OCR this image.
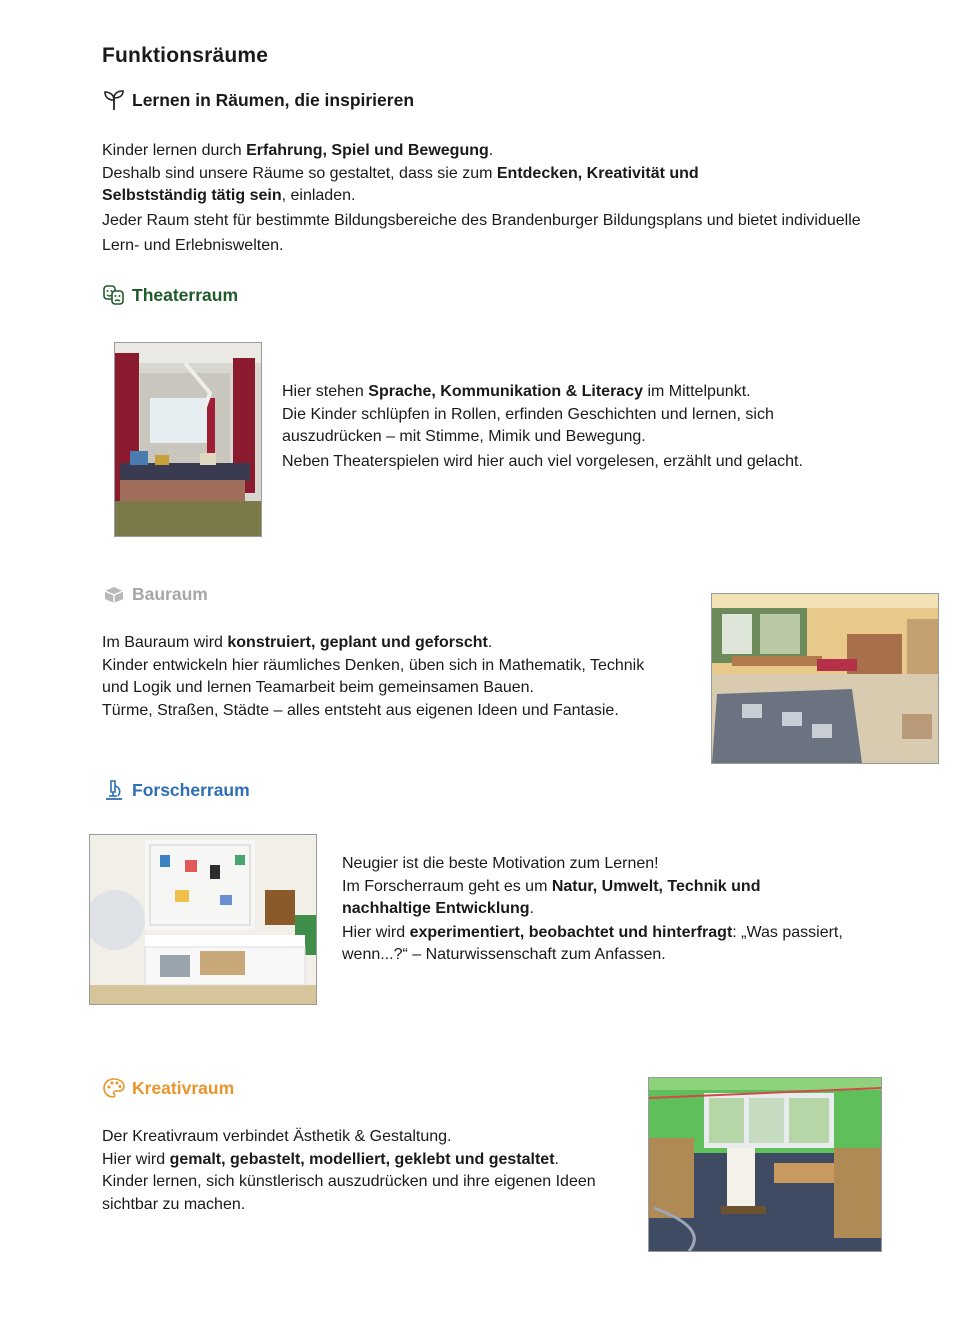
Funktionsräume
Lernen in Räumen, die inspirieren
Kinder lernen durch Erfahrung, Spiel und Bewegung.
Deshalb sind unsere Räume so gestaltet, dass sie zum Entdecken, Kreativität und Selbstständig tätig sein, einladen.
Jeder Raum steht für bestimmte Bildungsbereiche des Brandenburger Bildungsplans und bietet individuelle Lern- und Erlebniswelten.
Theaterraum
Hier stehen Sprache, Kommunikation & Literacy im Mittelpunkt.
Die Kinder schlüpfen in Rollen, erfinden Geschichten und lernen, sich auszudrücken – mit Stimme, Mimik und Bewegung.
Neben Theaterspielen wird hier auch viel vorgelesen, erzählt und gelacht.
Bauraum
Im Bauraum wird konstruiert, geplant und geforscht.
Kinder entwickeln hier räumliches Denken, üben sich in Mathematik, Technik und Logik und lernen Teamarbeit beim gemeinsamen Bauen.
Türme, Straßen, Städte – alles entsteht aus eigenen Ideen und Fantasie.
Forscherraum
Neugier ist die beste Motivation zum Lernen!
Im Forscherraum geht es um Natur, Umwelt, Technik und nachhaltige Entwicklung.
Hier wird experimentiert, beobachtet und hinterfragt: „Was passiert, wenn...?“ – Naturwissenschaft zum Anfassen.
Kreativraum
Der Kreativraum verbindet Ästhetik & Gestaltung.
Hier wird gemalt, gebastelt, modelliert, geklebt und gestaltet.
Kinder lernen, sich künstlerisch auszudrücken und ihre eigenen Ideen sichtbar zu machen.
